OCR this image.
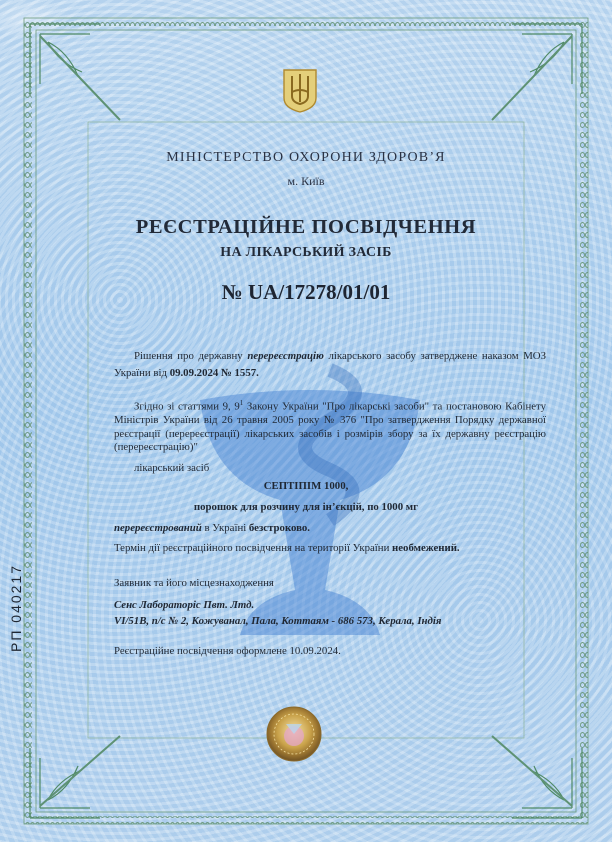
МІНІСТЕРСТВО ОХОРОНИ ЗДОРОВ’Я
м. Київ
РЕЄСТРАЦІЙНЕ ПОСВІДЧЕННЯ
НА ЛІКАРСЬКИЙ ЗАСІБ
№ UA/17278/01/01
Рішення про державну перереєстрацію лікарського засобу затверджене наказом МОЗ України від 09.09.2024 № 1557.
Згідно зі статтями 9, $9^1$ Закону України "Про лікарські засоби" та постановою Кабінету Міністрів України від 26 травня 2005 року № 376 "Про затвердження Порядку державної реєстрації (перереєстрації) лікарських засобів і розмірів збору за їх державну реєстрацію (перереєстрацію)"
лікарський засіб
СЕПТІПІМ 1000,
порошок для розчину для ін’єкцій, по 1000 мг
перереєстрований в Україні безстроково.
Термін дії реєстраційного посвідчення на території України необмежений.
Заявник та його місцезнаходження
Сенс Лабораторіс Пвт. Лтд.
VI/51B, п/с № 2, Кожуванал, Пала, Коттаям - 686 573, Керала, Індія
Реєстраційне посвідчення оформлене 10.09.2024.
РП 040217
